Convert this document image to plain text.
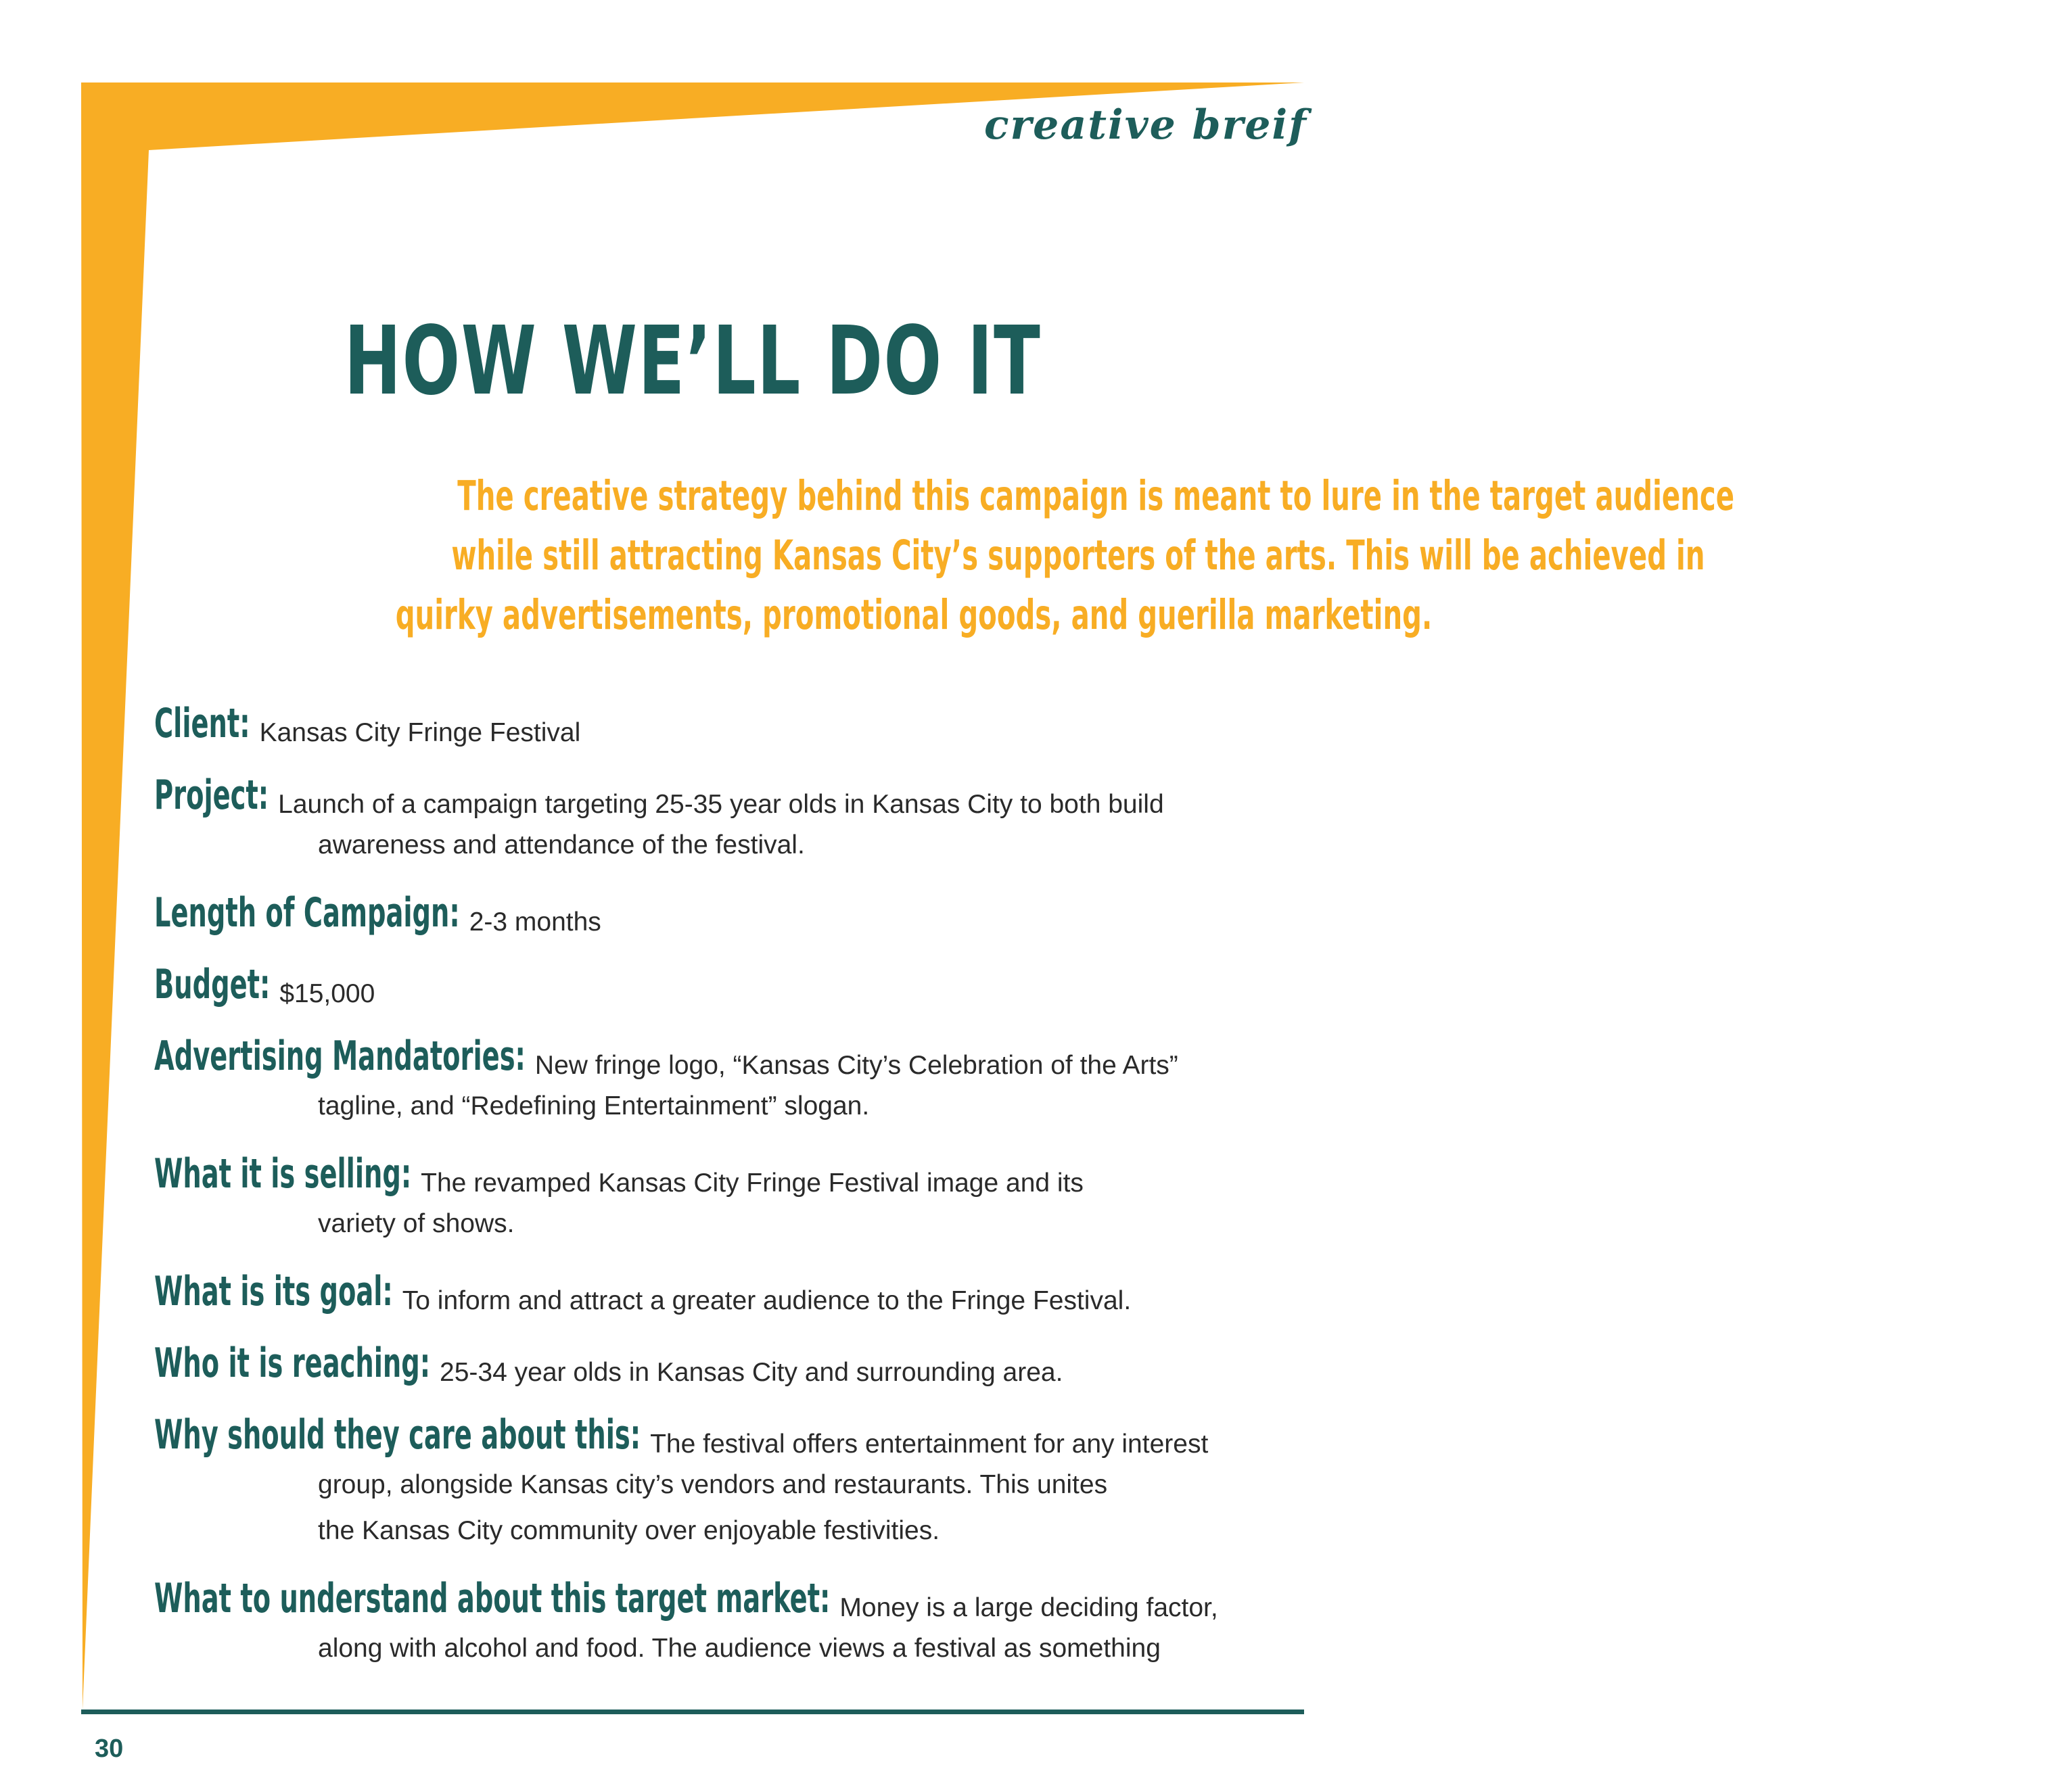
creative breif
HOW WE’LL DO IT
The creative strategy behind this campaign is meant to lure in the target audience
while still attracting Kansas City’s supporters of the arts. This will be achieved in
quirky advertisements, promotional goods, and guerilla marketing.
Client: Kansas City Fringe Festival
Project: Launch of a campaign targeting 25-35 year olds in Kansas City to both build
awareness and attendance of the festival.
Length of Campaign: 2-3 months
Budget: $15,000
Advertising Mandatories: New fringe logo, “Kansas City’s Celebration of the Arts”
tagline, and “Redefining Entertainment” slogan.
What it is selling: The revamped Kansas City Fringe Festival image and its
variety of shows.
What is its goal: To inform and attract a greater audience to the Fringe Festival.
Who it is reaching: 25-34 year olds in Kansas City and surrounding area.
Why should they care about this: The festival offers entertainment for any interest
group, alongside Kansas city’s vendors and restaurants. This unites
the Kansas City community over enjoyable festivities.
What to understand about this target market: Money is a large deciding factor,
along with alcohol and food. The audience views a festival as something
30
